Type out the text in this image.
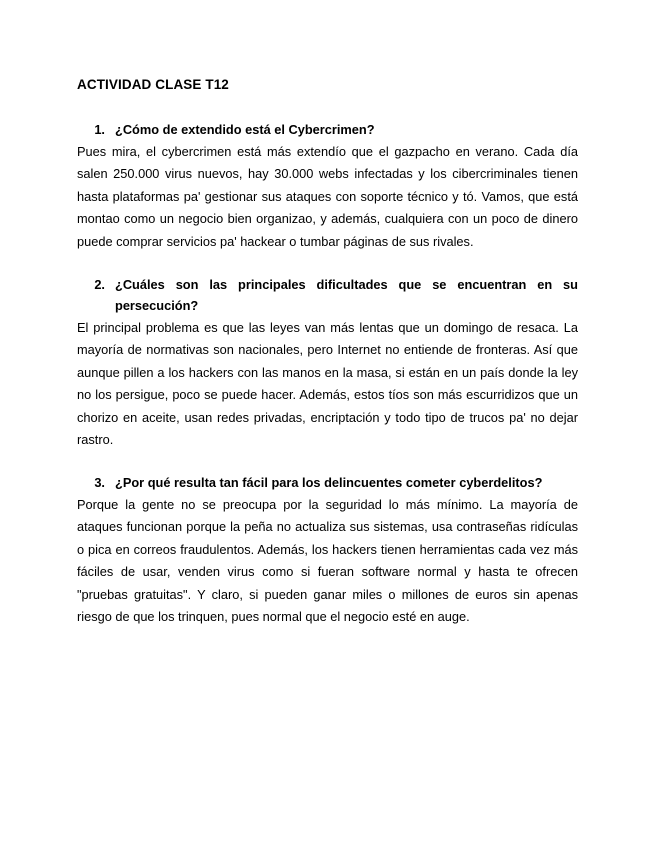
ACTIVIDAD CLASE T12
1. ¿Cómo de extendido está el Cybercrimen?

Pues mira, el cybercrimen está más extendío que el gazpacho en verano. Cada día salen 250.000 virus nuevos, hay 30.000 webs infectadas y los cibercriminales tienen hasta plataformas pa' gestionar sus ataques con soporte técnico y tó. Vamos, que está montao como un negocio bien organizao, y además, cualquiera con un poco de dinero puede comprar servicios pa' hackear o tumbar páginas de sus rivales.

2. ¿Cuáles son las principales dificultades que se encuentran en su persecución?

El principal problema es que las leyes van más lentas que un domingo de resaca. La mayoría de normativas son nacionales, pero Internet no entiende de fronteras. Así que aunque pillen a los hackers con las manos en la masa, si están en un país donde la ley no los persigue, poco se puede hacer. Además, estos tíos son más escurridizos que un chorizo en aceite, usan redes privadas, encriptación y todo tipo de trucos pa' no dejar rastro.

3. ¿Por qué resulta tan fácil para los delincuentes cometer cyberdelitos?

Porque la gente no se preocupa por la seguridad lo más mínimo. La mayoría de ataques funcionan porque la peña no actualiza sus sistemas, usa contraseñas ridículas o pica en correos fraudulentos. Además, los hackers tienen herramientas cada vez más fáciles de usar, venden virus como si fueran software normal y hasta te ofrecen "pruebas gratuitas". Y claro, si pueden ganar miles o millones de euros sin apenas riesgo de que los trinquen, pues normal que el negocio esté en auge.
